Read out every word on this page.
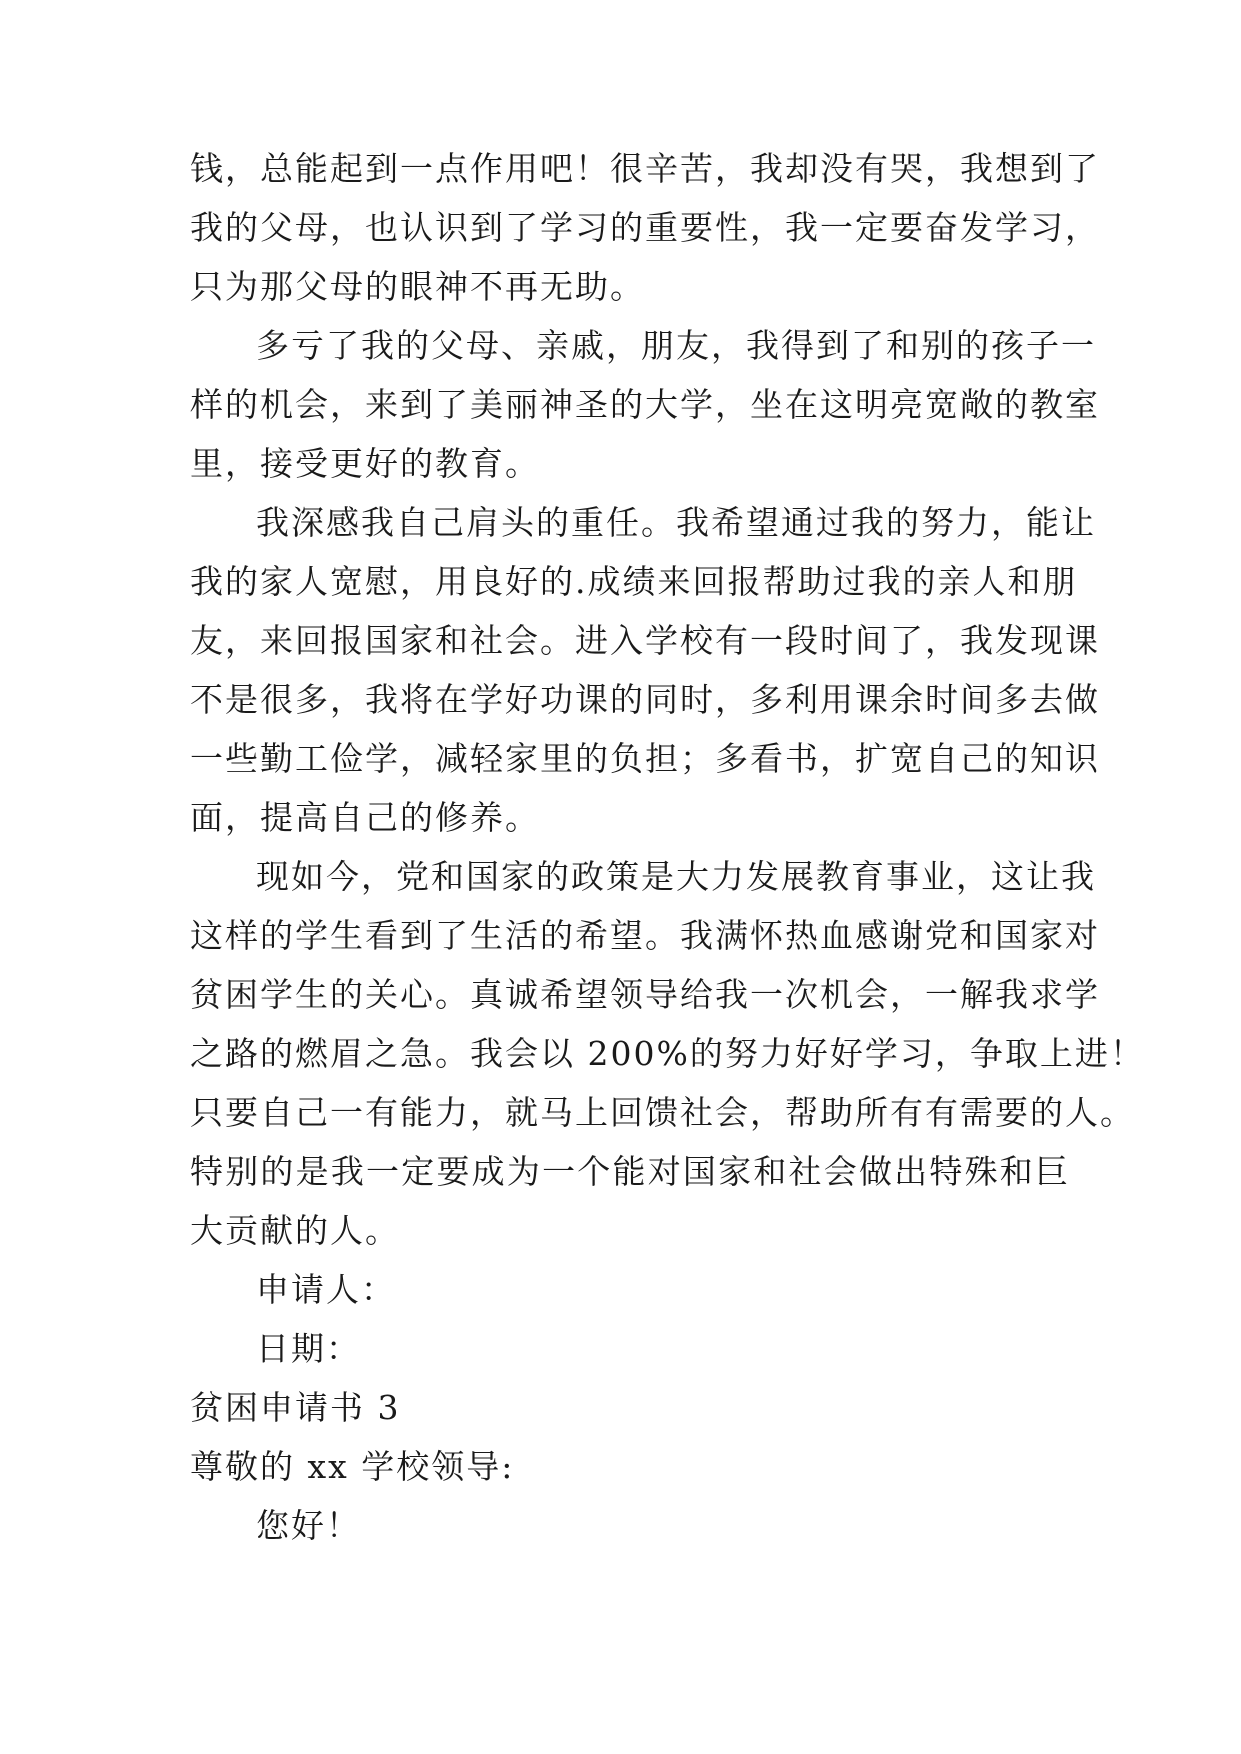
钱，总能起到一点作用吧！很辛苦，我却没有哭，我想到了
我的父母，也认识到了学习的重要性，我一定要奋发学习，
只为那父母的眼神不再无助。
多亏了我的父母、亲戚，朋友，我得到了和别的孩子一
样的机会，来到了美丽神圣的大学，坐在这明亮宽敞的教室
里，接受更好的教育。
我深感我自己肩头的重任。我希望通过我的努力，能让
我的家人宽慰，用良好的.成绩来回报帮助过我的亲人和朋
友，来回报国家和社会。进入学校有一段时间了，我发现课
不是很多，我将在学好功课的同时，多利用课余时间多去做
一些勤工俭学，减轻家里的负担；多看书，扩宽自己的知识
面，提高自己的修养。
现如今，党和国家的政策是大力发展教育事业，这让我
这样的学生看到了生活的希望。我满怀热血感谢党和国家对
贫困学生的关心。真诚希望领导给我一次机会，一解我求学
之路的燃眉之急。我会以 200%的努力好好学习，争取上进！
只要自己一有能力，就马上回馈社会，帮助所有有需要的人。
特别的是我一定要成为一个能对国家和社会做出特殊和巨
大贡献的人。
申请人：
日期：
贫困申请书 3
尊敬的 xx 学校领导:
您好！
